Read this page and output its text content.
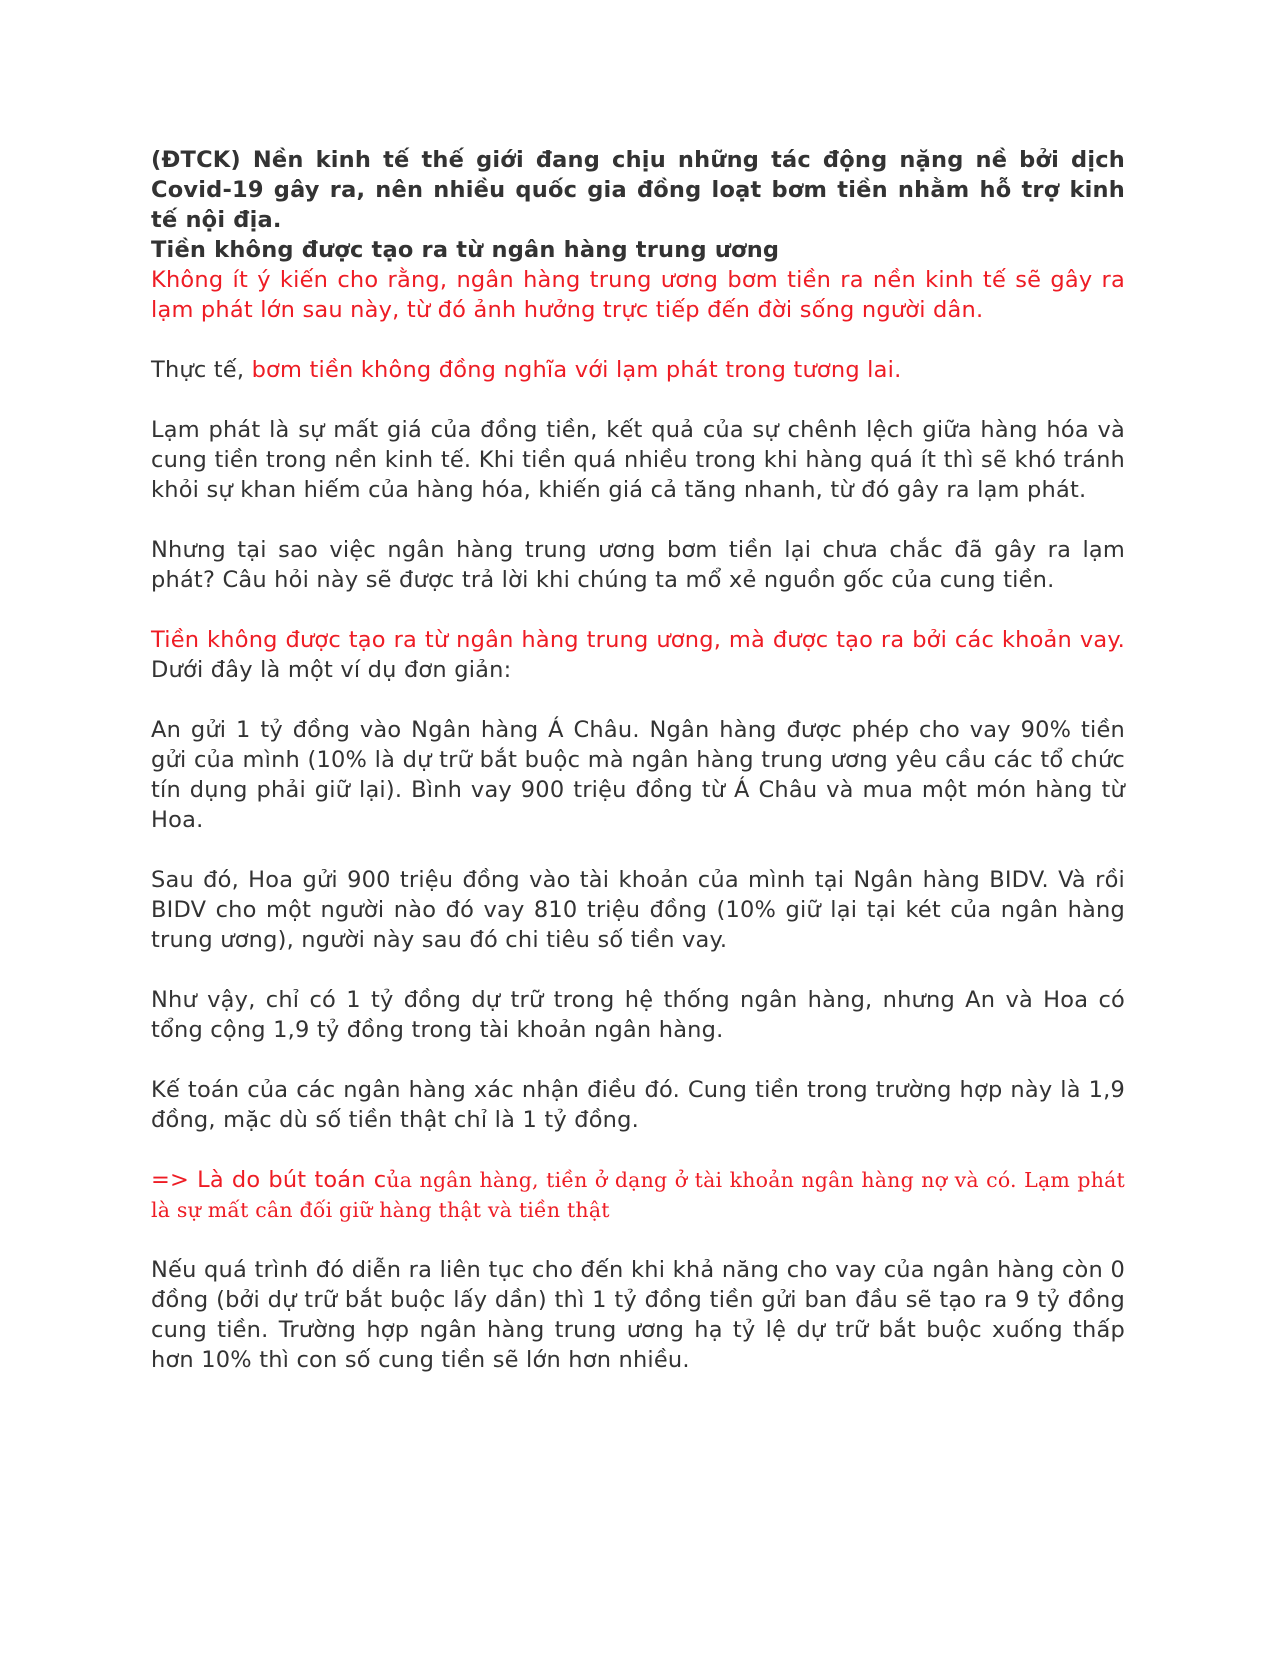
(ĐTCK) Nền kinh tế thế giới đang chịu những tác động nặng nề bởi dịch Covid-19 gây ra, nên nhiều quốc gia đồng loạt bơm tiền nhằm hỗ trợ kinh tế nội địa.

Tiền không được tạo ra từ ngân hàng trung ương

Không ít ý kiến cho rằng, ngân hàng trung ương bơm tiền ra nền kinh tế sẽ gây ra lạm phát lớn sau này, từ đó ảnh hưởng trực tiếp đến đời sống người dân.

Thực tế, bơm tiền không đồng nghĩa với lạm phát trong tương lai.

Lạm phát là sự mất giá của đồng tiền, kết quả của sự chênh lệch giữa hàng hóa và cung tiền trong nền kinh tế. Khi tiền quá nhiều trong khi hàng quá ít thì sẽ khó tránh khỏi sự khan hiếm của hàng hóa, khiến giá cả tăng nhanh, từ đó gây ra lạm phát.

Nhưng tại sao việc ngân hàng trung ương bơm tiền lại chưa chắc đã gây ra lạm phát? Câu hỏi này sẽ được trả lời khi chúng ta mổ xẻ nguồn gốc của cung tiền.

Tiền không được tạo ra từ ngân hàng trung ương, mà được tạo ra bởi các khoản vay. Dưới đây là một ví dụ đơn giản:

An gửi 1 tỷ đồng vào Ngân hàng Á Châu. Ngân hàng được phép cho vay 90% tiền gửi của mình (10% là dự trữ bắt buộc mà ngân hàng trung ương yêu cầu các tổ chức tín dụng phải giữ lại). Bình vay 900 triệu đồng từ Á Châu và mua một món hàng từ Hoa.

Sau đó, Hoa gửi 900 triệu đồng vào tài khoản của mình tại Ngân hàng BIDV. Và rồi BIDV cho một người nào đó vay 810 triệu đồng (10% giữ lại tại két của ngân hàng trung ương), người này sau đó chi tiêu số tiền vay.

Như vậy, chỉ có 1 tỷ đồng dự trữ trong hệ thống ngân hàng, nhưng An và Hoa có tổng cộng 1,9 tỷ đồng trong tài khoản ngân hàng.

Kế toán của các ngân hàng xác nhận điều đó. Cung tiền trong trường hợp này là 1,9 đồng, mặc dù số tiền thật chỉ là 1 tỷ đồng.

=> Là do bút toán của ngân hàng, tiền ở dạng ở tài khoản ngân hàng nợ và có. Lạm phát là sự mất cân đối giữ hàng thật và tiền thật

Nếu quá trình đó diễn ra liên tục cho đến khi khả năng cho vay của ngân hàng còn 0 đồng (bởi dự trữ bắt buộc lấy dần) thì 1 tỷ đồng tiền gửi ban đầu sẽ tạo ra 9 tỷ đồng cung tiền. Trường hợp ngân hàng trung ương hạ tỷ lệ dự trữ bắt buộc xuống thấp hơn 10% thì con số cung tiền sẽ lớn hơn nhiều.
